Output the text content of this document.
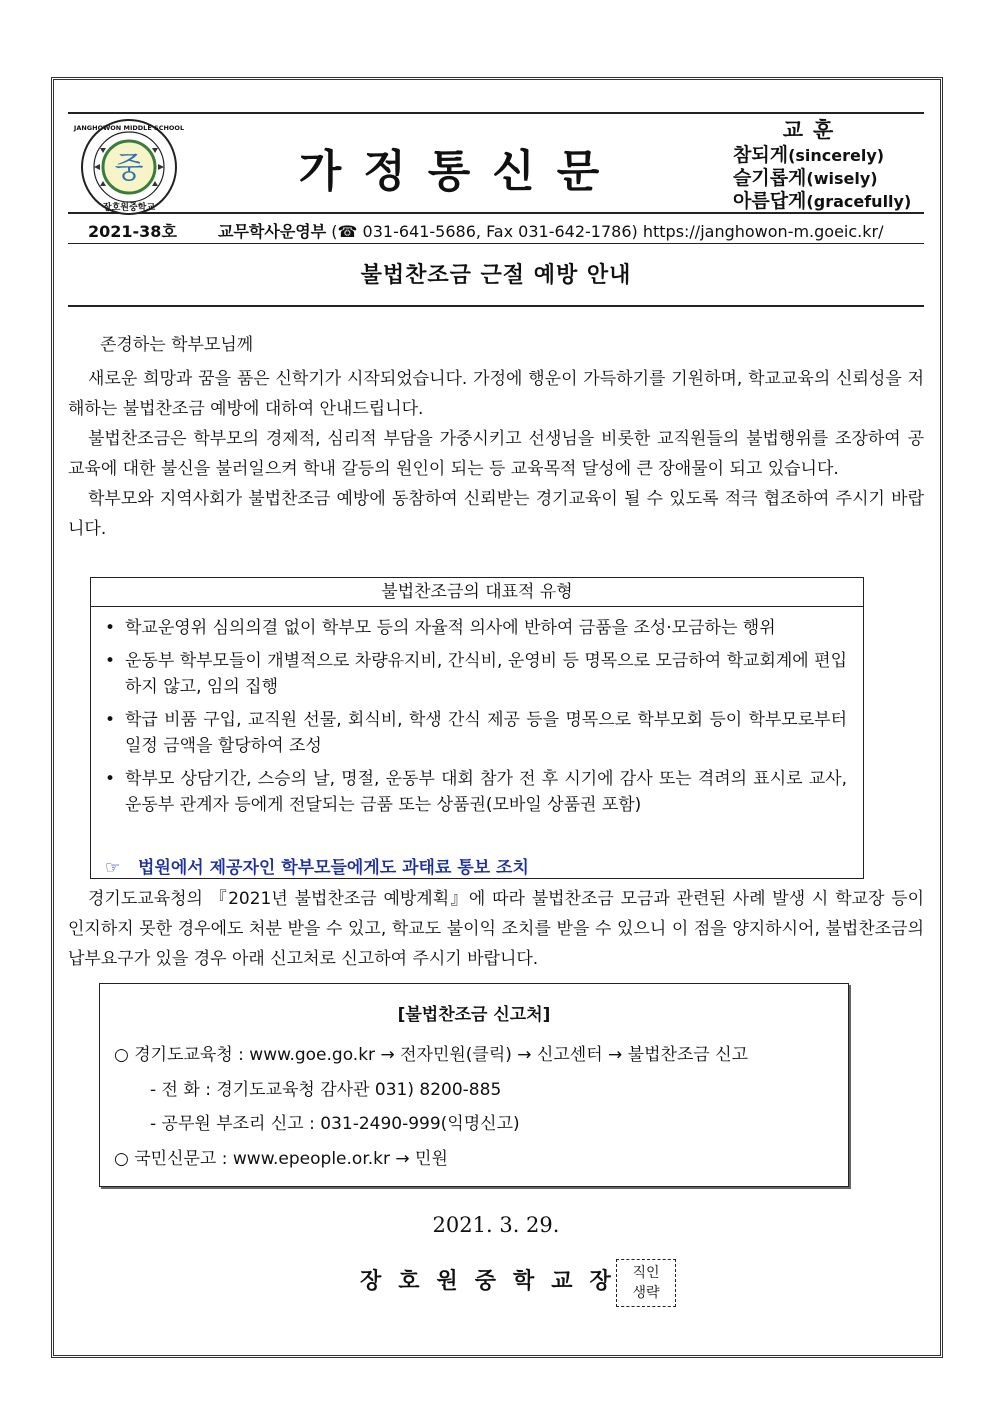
중
장호원중학교
JANGHOWON MIDDLE SCHOOL
가정통신문
교훈
참되게(sincerely)
슬기롭게(wisely)
아름답게(gracefully)
2021-38호	교무학사운영부 (☎ 031-641-5686, Fax 031-642-1786) https://janghowon-m.goeic.kr/
불법찬조금 근절 예방 안내
존경하는 학부모님께

새로운 희망과 꿈을 품은 신학기가 시작되었습니다. 가정에 행운이 가득하기를 기원하며, 학교교육의 신뢰성을 저해하는 불법찬조금 예방에 대하여 안내드립니다.

불법찬조금은 학부모의 경제적, 심리적 부담을 가중시키고 선생님을 비롯한 교직원들의 불법행위를 조장하여 공교육에 대한 불신을 불러일으켜 학내 갈등의 원인이 되는 등 교육목적 달성에 큰 장애물이 되고 있습니다.

학부모와 지역사회가 불법찬조금 예방에 동참하여 신뢰받는 경기교육이 될 수 있도록 적극 협조하여 주시기 바랍니다.

불법찬조금의 대표적 유형
• 학교운영위 심의의결 없이 학부모 등의 자율적 의사에 반하여 금품을 조성·모금하는 행위
• 운동부 학부모들이 개별적으로 차량유지비, 간식비, 운영비 등 명목으로 모금하여 학교회계에 편입하지 않고, 임의 집행
• 학급 비품 구입, 교직원 선물, 회식비, 학생 간식 제공 등을 명목으로 학부모회 등이 학부모로부터 일정 금액을 할당하여 조성
• 학부모 상담기간, 스승의 날, 명절, 운동부 대회 참가 전 후 시기에 감사 또는 격려의 표시로 교사, 운동부 관계자 등에게 전달되는 금품 또는 상품권(모바일 상품권 포함)
☞ 법원에서 제공자인 학부모들에게도 과태료 통보 조치

경기도교육청의 『2021년 불법찬조금 예방계획』에 따라 불법찬조금 모금과 관련된 사례 발생 시 학교장 등이 인지하지 못한 경우에도 처분 받을 수 있고, 학교도 불이익 조치를 받을 수 있으니 이 점을 양지하시어, 불법찬조금의 납부요구가 있을 경우 아래 신고처로 신고하여 주시기 바랍니다.

[불법찬조금 신고처]
○ 경기도교육청 : www.goe.go.kr → 전자민원(클릭) → 신고센터 → 불법찬조금 신고
- 전 화 : 경기도교육청 감사관 031) 8200-885
- 공무원 부조리 신고 : 031-2490-999(익명신고)
○ 국민신문고 : www.epeople.or.kr → 민원
2021. 3. 29.
장호원중학교장 직인
생략
